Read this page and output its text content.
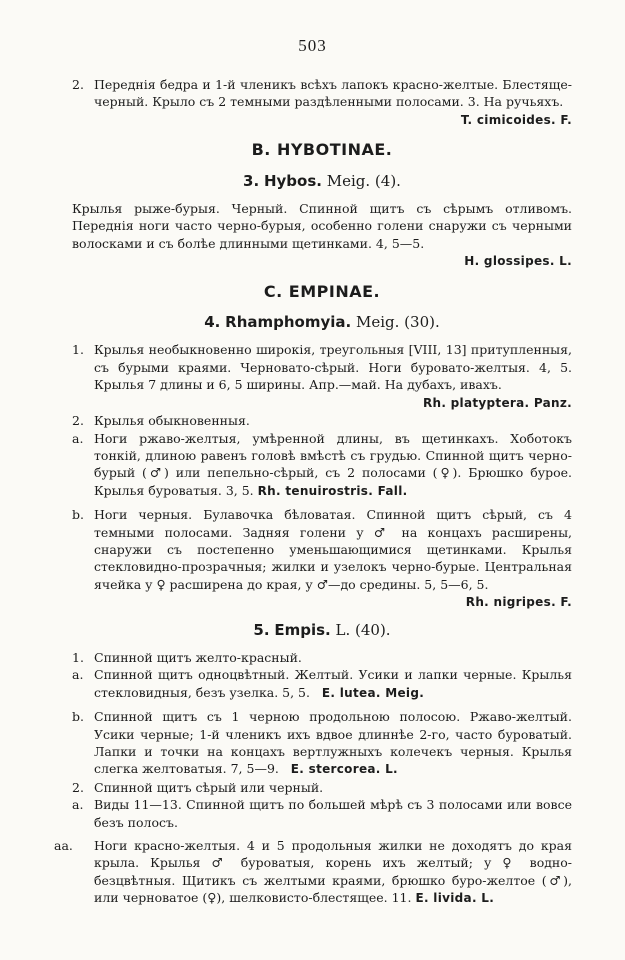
503
2. Переднія бедра и 1-й членикъ всѣхъ лапокъ красно-желтые. Блестяще-черный. Крыло съ 2 темными раздѣленными полосами. 3. На ручьяхъ.
T. cimicoides. F.
B. HYBOTINAE.
3. Hybos. Meig. (4).

Крылья рыже-бурыя. Черный. Спинной щитъ съ сѣрымъ отливомъ. Переднія ноги часто черно-бурыя, особенно голени снаружи съ черными волосками и съ болѣе длинными щетинками. 4, 5—5.
H. glossipes. L.

C. EMPINAE.
4. Rhamphomyia. Meig. (30).
1. Крылья необыкновенно широкія, треугольныя [VIII, 13] притупленныя, съ бурыми краями. Черновато-сѣрый. Ноги буровато-желтыя. 4, 5. Крылья 7 длины и 6, 5 ширины. Апр.—май. На дубахъ, ивахъ.
Rh. platyptera. Panz.
2. Крылья обыкновенныя.
a. Ноги ржаво-желтыя, умѣренной длины, въ щетинкахъ. Хоботокъ тонкій, длиною равенъ головѣ вмѣстѣ съ грудью. Спинной щитъ черно-бурый (♂) или пепельно-сѣрый, съ 2 полосами (♀). Брюшко бурое. Крылья буроватыя. 3, 5. Rh. tenuirostris. Fall.
b. Ноги черныя. Булавочка бѣловатая. Спинной щитъ сѣрый, съ 4 темными полосами. Задняя голени у ♂ на концахъ расширены, снаружи съ постепенно уменьшающимися щетинками. Крылья стекловидно-прозрачныя; жилки и узелокъ черно-бурые. Центральная ячейка у ♀ расширена до края, у ♂—до средины. 5, 5—6, 5.
Rh. nigripes. F.
5. Empis. L. (40).
1. Спинной щитъ желто-красный.
a. Спинной щитъ одноцвѣтный. Желтый. Усики и лапки черные. Крылья стекловидныя, безъ узелка. 5, 5. E. lutea. Meig.
b. Спинной щитъ съ 1 черною продольною полосою. Ржаво-желтый. Усики черные; 1-й членикъ ихъ вдвое длиннѣе 2-го, часто буроватый. Лапки и точки на концахъ вертлужныхъ колечекъ черныя. Крылья слегка желтоватыя. 7, 5—9. E. stercorea. L.
2. Спинной щитъ сѣрый или черный.
a. Виды 11—13. Спинной щитъ по большей мѣрѣ съ 3 полосами или вовсе безъ полосъ.
aa.	Ноги красно-желтыя. 4 и 5 продольныя жилки не доходятъ до края крыла. Крылья ♂ буроватыя, корень ихъ желтый; у ♀ водно-безцвѣтныя. Щитикъ съ желтыми краями, брюшко буро-желтое (♂), или черноватое (♀), шелковисто-блестящее. 11. E. livida. L.
